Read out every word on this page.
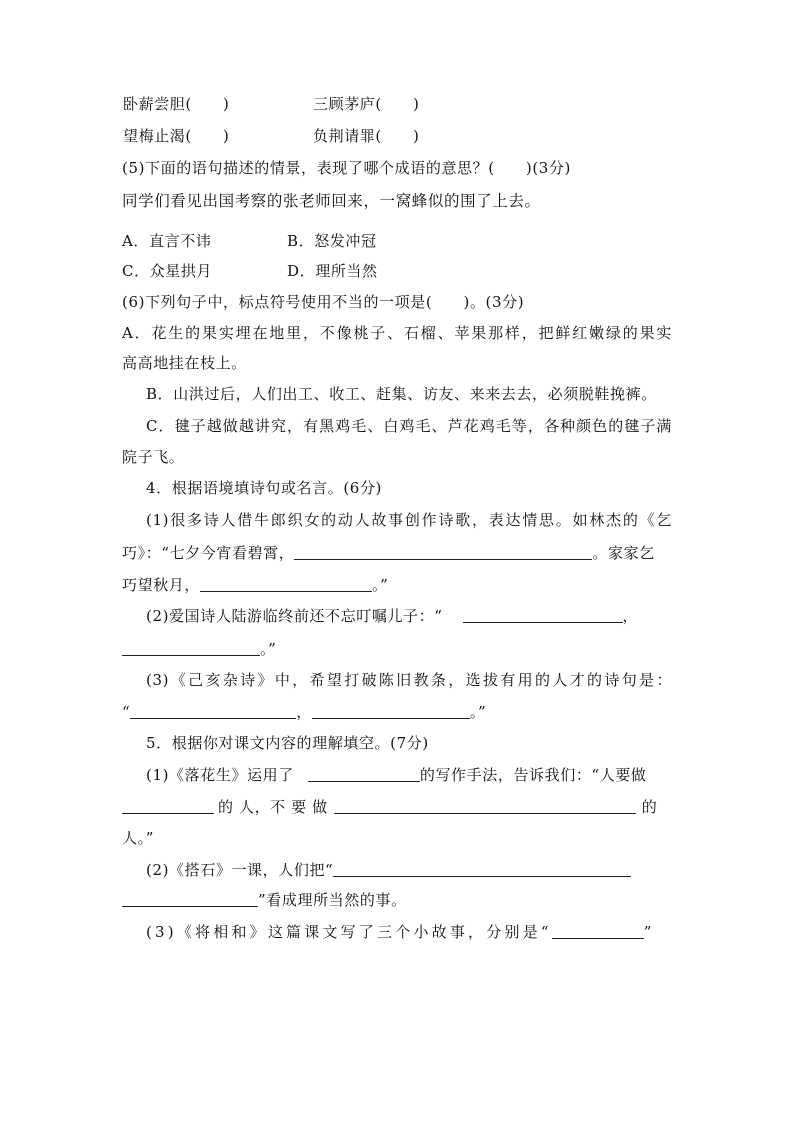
卧薪尝胆(　　)	三顾茅庐(　　)
望梅止渴(　　)	负荆请罪(　　)
(5)下面的语句描述的情景，表现了哪个成语的意思？(　　)(3分)
同学们看见出国考察的张老师回来，一窝蜂似的围了上去。
A．直言不讳	B．怒发冲冠
C．众星拱月	D．理所当然
(6)下列句子中，标点符号使用不当的一项是(　　)。(3分)
A．花生的果实埋在地里，不像桃子、石榴、苹果那样，把鲜红嫩绿的果实
高高地挂在枝上。
B．山洪过后，人们出工、收工、赶集、访友、来来去去，必须脱鞋挽裤。
C．毽子越做越讲究，有黑鸡毛、白鸡毛、芦花鸡毛等，各种颜色的毽子满
院子飞。
4．根据语境填诗句或名言。(6分)
(1)很多诗人借牛郎织女的动人故事创作诗歌，表达情思。如林杰的《乞
巧》：“七夕今宵看碧霄，	。家家乞
巧望秋月，	。”
(2)爱国诗人陆游临终前还不忘叮嘱儿子：“	，
。”
(3)《己亥杂诗》中，希望打破陈旧教条，选拔有用的人才的诗句是：
“	，	。”
5．根据你对课文内容的理解填空。(7分)
(1)《落花生》运用了	的写作手法，告诉我们：“人要做
的 人，不 要 做	的
人。”
(2)《搭石》一课，人们把“
”看成理所当然的事。
(3)《将相和》这篇课文写了三个小故事，分别是“	”
